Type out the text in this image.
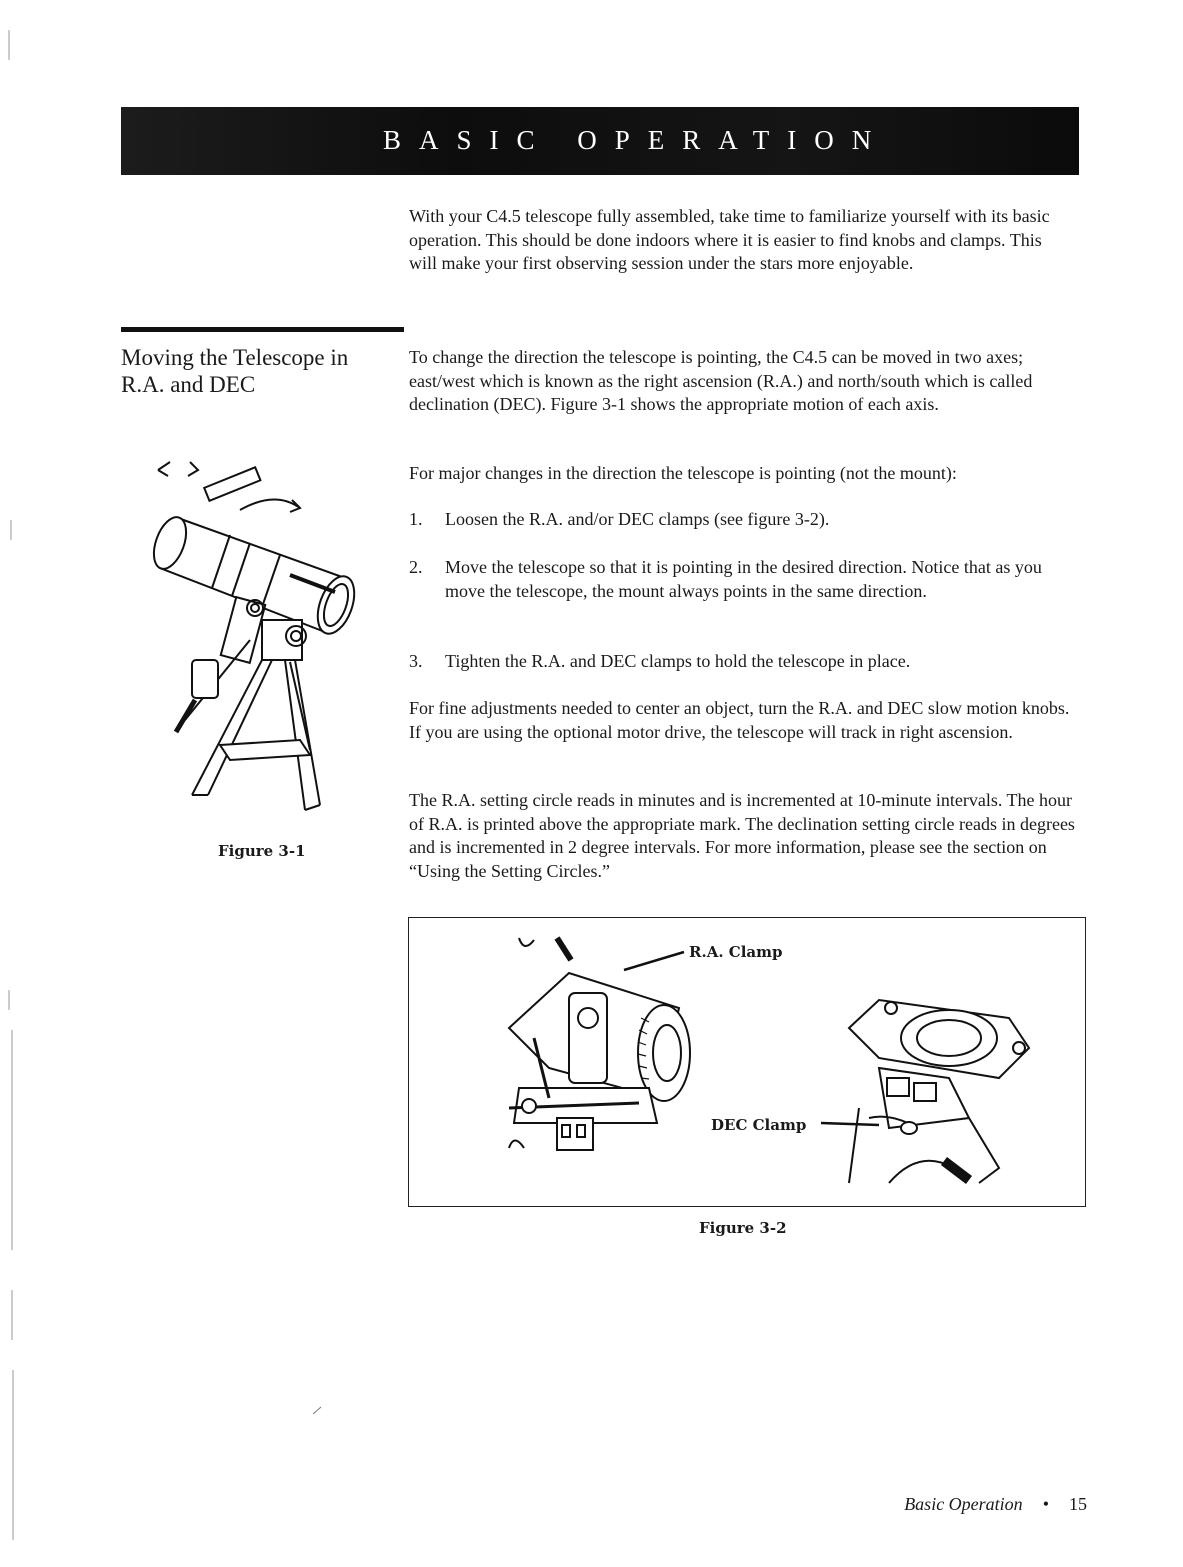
BASIC OPERATION
With your C4.5 telescope fully assembled, take time to familiarize yourself with its basic operation. This should be done indoors where it is easier to find knobs and clamps. This will make your first observing session under the stars more enjoyable.
Moving the Telescope in R.A. and DEC
To change the direction the telescope is pointing, the C4.5 can be moved in two axes; east/west which is known as the right ascension (R.A.) and north/south which is called declination (DEC). Figure 3-1 shows the appropriate motion of each axis.
For major changes in the direction the telescope is pointing (not the mount):
1. Loosen the R.A. and/or DEC clamps (see figure 3-2).
2. Move the telescope so that it is pointing in the desired direction. Notice that as you move the telescope, the mount always points in the same direction.
3. Tighten the R.A. and DEC clamps to hold the telescope in place.
For fine adjustments needed to center an object, turn the R.A. and DEC slow motion knobs. If you are using the optional motor drive, the telescope will track in right ascension.
The R.A. setting circle reads in minutes and is incremented at 10-minute intervals. The hour of R.A. is printed above the appropriate mark. The declination setting circle reads in degrees and is incremented in 2 degree intervals. For more information, please see the section on “Using the Setting Circles.”
Figure 3-1
R.A. Clamp
DEC Clamp
Figure 3-2
Basic Operation • 15
